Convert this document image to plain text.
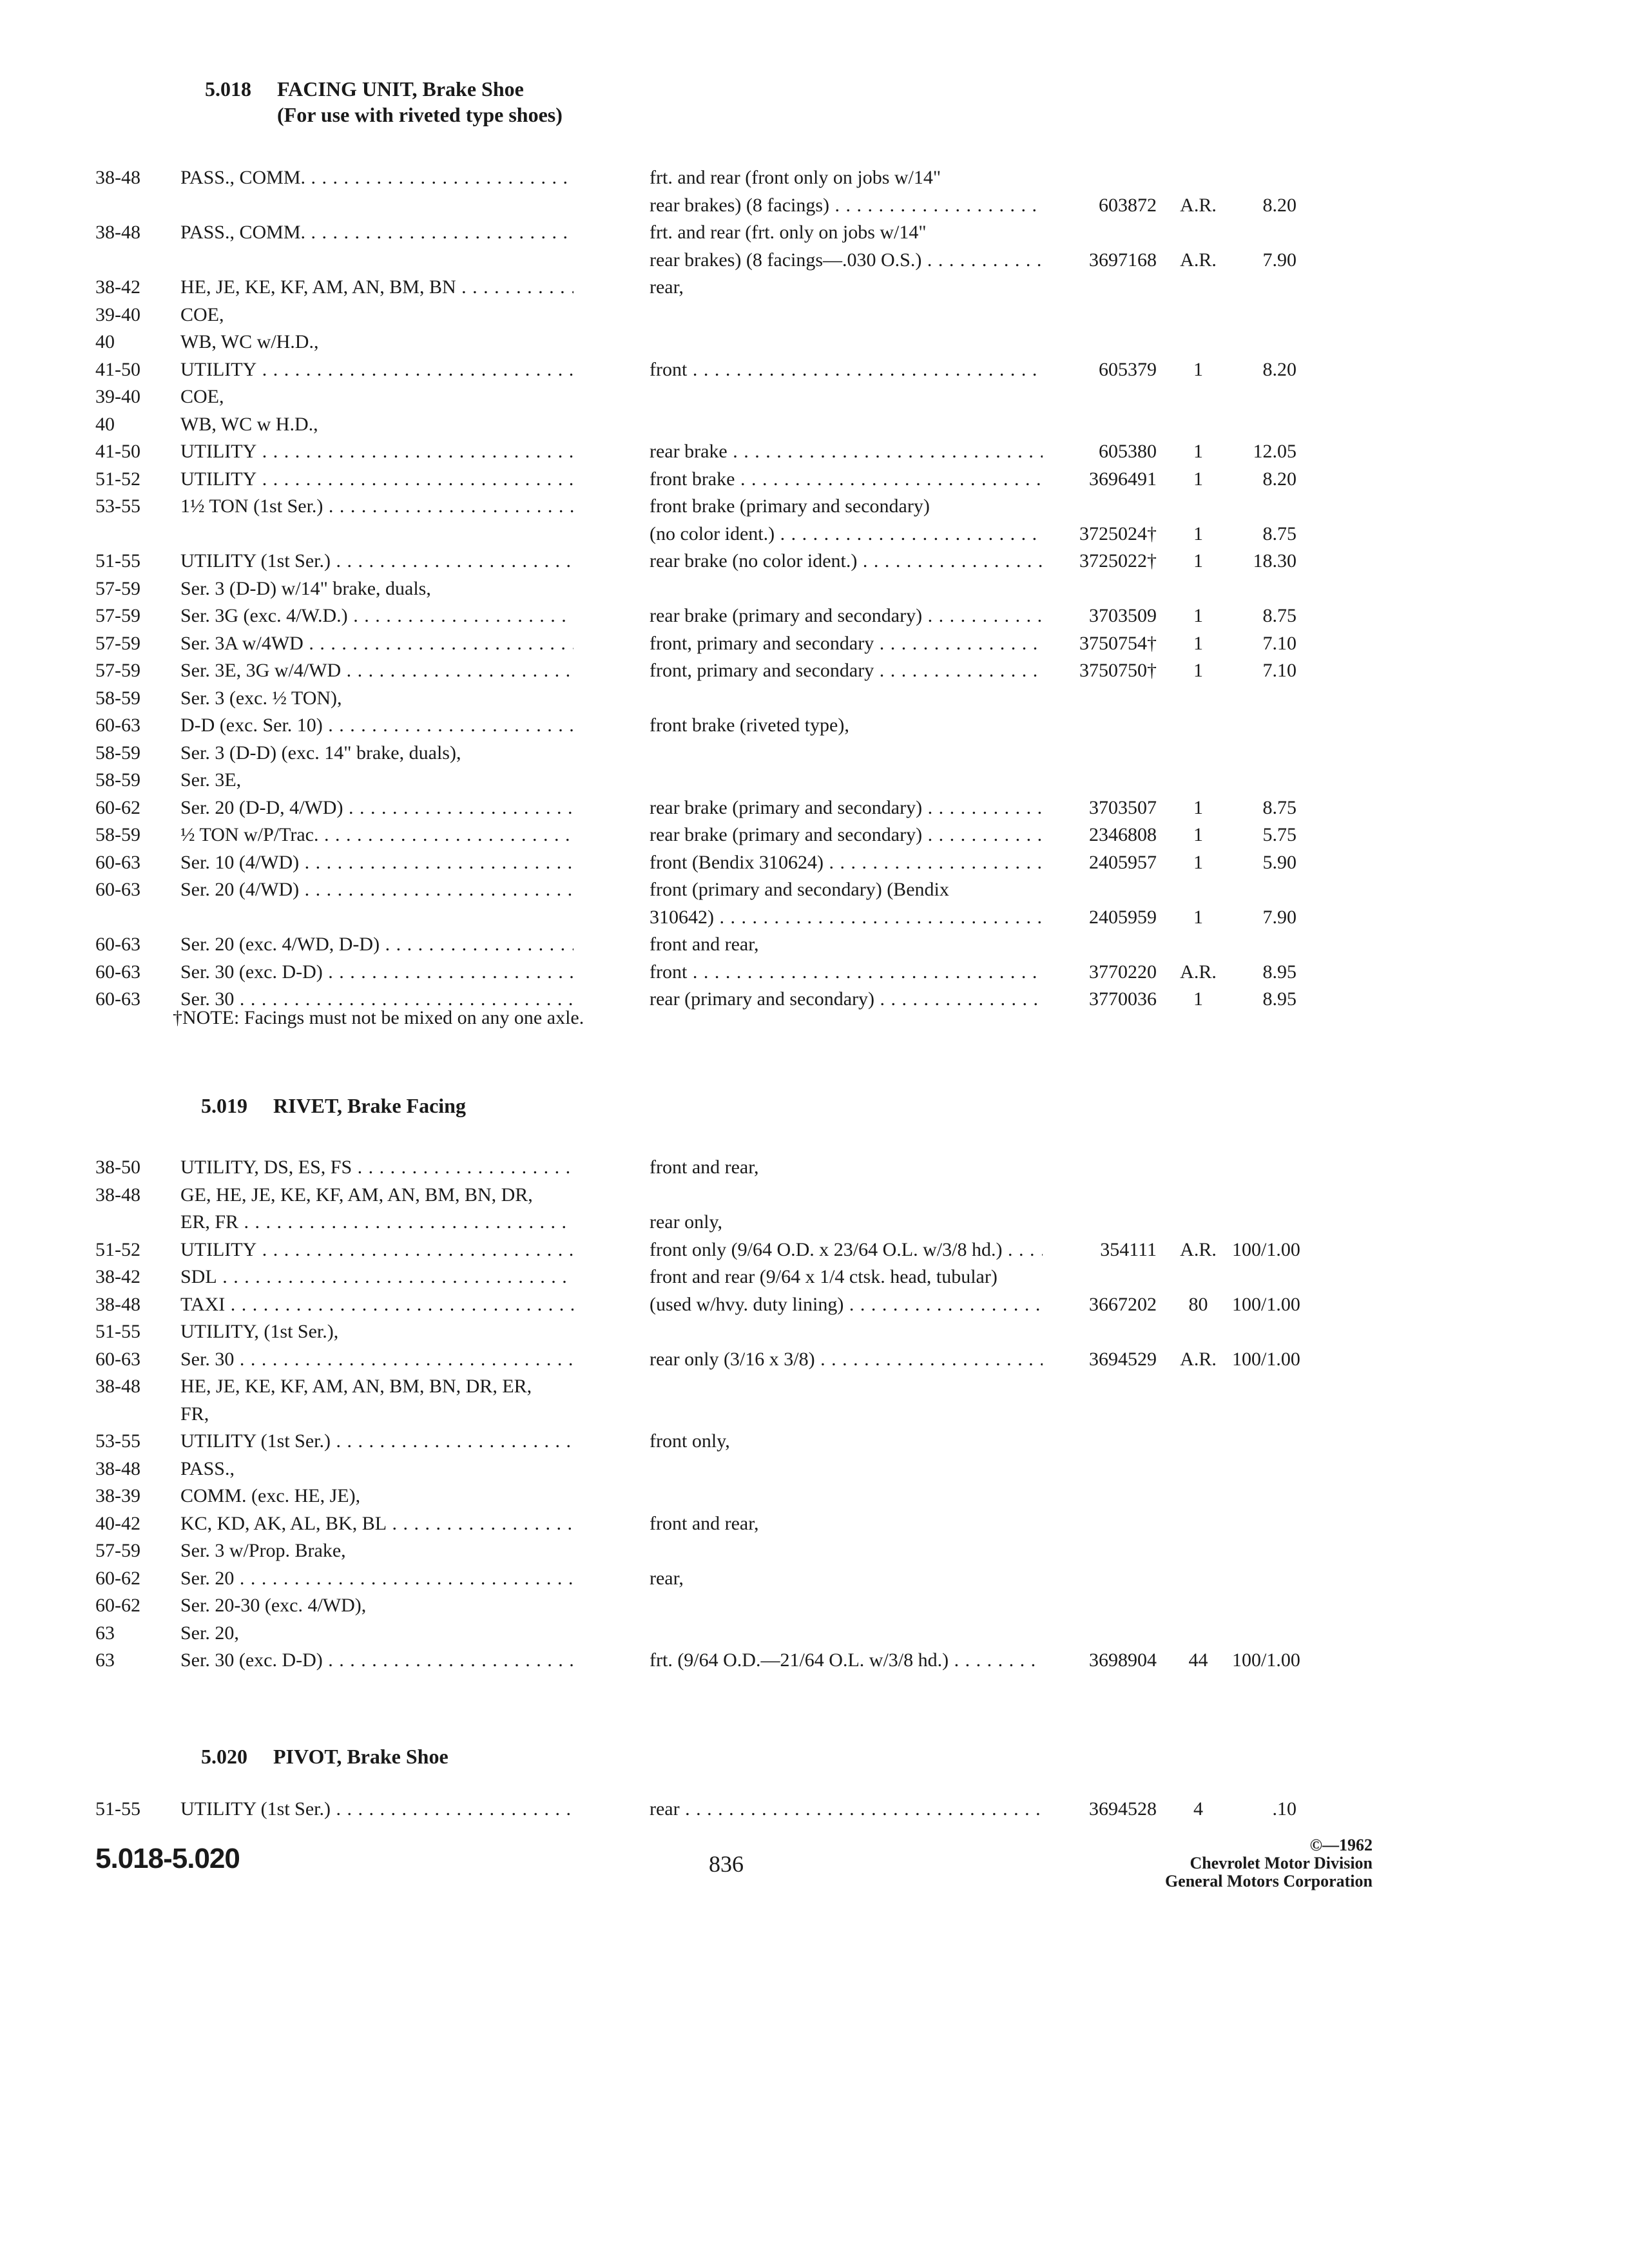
5.018 FACING UNIT, Brake Shoe
(For use with riveted type shoes)
38-48 PASS., COMM. . . .	frt. and rear (front only on jobs w/14"
rear brakes) (8 facings) . . .	603872	A.R.	8.20
38-48 PASS., COMM. . . .	frt. and rear (frt. only on jobs w/14"
rear brakes) (8 facings—.030 O.S.) . . .	3697168	A.R.	7.90
38-42 HE, JE, KE, KF, AM, AN, BM, BN . . .	rear,
39-40 COE,
40	WB, WC w/H.D.,
41-50 UTILITY . . .	front . . .	605379	1	8.20
39-40 COE,
40	WB, WC w H.D.,
41-50 UTILITY . . .	rear brake . . .	605380	1	12.05
51-52 UTILITY . . .	front brake . . .	3696491	1	8.20
53-55 1½ TON (1st Ser.) . . .	front brake (primary and secondary)
(no color ident.) . . .	3725024†	1	8.75
51-55 UTILITY (1st Ser.) . . .	rear brake (no color ident.) . . .	3725022†	1	18.30
57-59 Ser. 3 (D-D) w/14" brake, duals,
57-59 Ser. 3G (exc. 4/W.D.) . . .	rear brake (primary and secondary) . . .	3703509	1	8.75
57-59 Ser. 3A w/4WD . . .	front, primary and secondary . . .	3750754†	1	7.10
57-59 Ser. 3E, 3G w/4/WD . . .	front, primary and secondary . . .	3750750†	1	7.10
58-59 Ser. 3 (exc. ½ TON),
60-63 D-D (exc. Ser. 10) . . .	front brake (riveted type),
58-59 Ser. 3 (D-D) (exc. 14" brake, duals),
58-59 Ser. 3E,
60-62 Ser. 20 (D-D, 4/WD) . . .	rear brake (primary and secondary) . . .	3703507	1	8.75
58-59 ½ TON w/P/Trac. . . .	rear brake (primary and secondary) . . .	2346808	1	5.75
60-63 Ser. 10 (4/WD) . . .	front (Bendix 310624) . . .	2405957	1	5.90
60-63 Ser. 20 (4/WD) . . .	front (primary and secondary) (Bendix
310642) . . .	2405959	1	7.90
60-63 Ser. 20 (exc. 4/WD, D-D) . . .	front and rear,
60-63 Ser. 30 (exc. D-D) . . .	front . . .	3770220	A.R.	8.95
60-63 Ser. 30 . . .	rear (primary and secondary) . . .	3770036	1	8.95
†NOTE: Facings must not be mixed on any one axle.
5.019 RIVET, Brake Facing
38-50 UTILITY, DS, ES, FS . . .	front and rear,
38-48 GE, HE, JE, KE, KF, AM, AN, BM, BN, DR,
ER, FR . . .	rear only,
51-52 UTILITY . . .	front only (9/64 O.D. x 23/64 O.L. w/3/8 hd.) . . .	354111	A.R. 100/1.00
38-42 SDL . . .	front and rear (9/64 x 1/4 ctsk. head, tubular)
38-48 TAXI . . .	(used w/hvy. duty lining) . . .	3667202	80	100/1.00
51-55 UTILITY, (1st Ser.),
60-63 Ser. 30 . . .	rear only (3/16 x 3/8) . . .	3694529	A.R. 100/1.00
38-48 HE, JE, KE, KF, AM, AN, BM, BN, DR, ER,
FR,
53-55 UTILITY (1st Ser.) . . .	front only,
38-48 PASS.,
38-39 COMM. (exc. HE, JE),
40-42 KC, KD, AK, AL, BK, BL . . .	front and rear,
57-59 Ser. 3 w/Prop. Brake,
60-62 Ser. 20 . . .	rear,
60-62 Ser. 20-30 (exc. 4/WD),
63	Ser. 20,
63	Ser. 30 (exc. D-D) . . .	frt. (9/64 O.D.—21/64 O.L. w/3/8 hd.) . . .	3698904	44	100/1.00
5.020 PIVOT, Brake Shoe
51-55 UTILITY (1st Ser.) . . .	rear . . .	3694528	4	.10
5.018-5.020	836
©—1962
Chevrolet Motor Division
General Motors Corporation
